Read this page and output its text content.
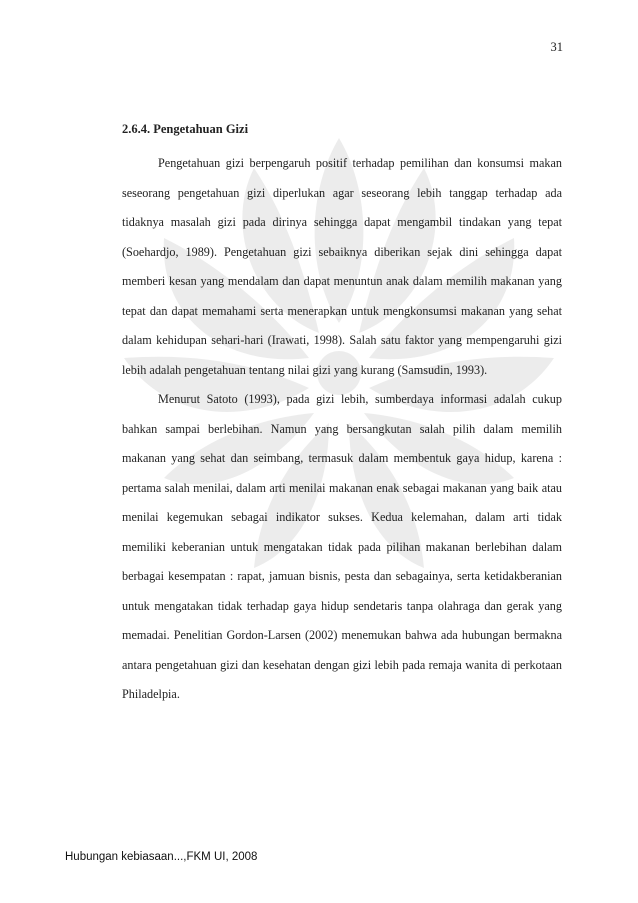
31
2.6.4. Pengetahuan Gizi

Pengetahuan gizi berpengaruh positif terhadap pemilihan dan konsumsi makan seseorang pengetahuan gizi diperlukan agar seseorang lebih tanggap terhadap ada tidaknya masalah gizi pada dirinya sehingga dapat mengambil tindakan yang tepat (Soehardjo, 1989). Pengetahuan gizi sebaiknya diberikan sejak dini sehingga dapat memberi kesan yang mendalam dan dapat menuntun anak dalam memilih makanan yang tepat dan dapat memahami serta menerapkan untuk mengkonsumsi makanan yang sehat dalam kehidupan sehari-hari (Irawati, 1998). Salah satu faktor yang mempengaruhi gizi lebih adalah pengetahuan tentang nilai gizi yang kurang (Samsudin, 1993).

Menurut Satoto (1993), pada gizi lebih, sumberdaya informasi adalah cukup bahkan sampai berlebihan. Namun yang bersangkutan salah pilih dalam memilih makanan yang sehat dan seimbang, termasuk dalam membentuk gaya hidup, karena : pertama salah menilai, dalam arti menilai makanan enak sebagai makanan yang baik atau menilai kegemukan sebagai indikator sukses. Kedua kelemahan, dalam arti tidak memiliki keberanian untuk mengatakan tidak pada pilihan makanan berlebihan dalam berbagai kesempatan : rapat, jamuan bisnis, pesta dan sebagainya, serta ketidakberanian untuk mengatakan tidak terhadap gaya hidup sendetaris tanpa olahraga dan gerak yang memadai. Penelitian Gordon-Larsen (2002) menemukan bahwa ada hubungan bermakna antara pengetahuan gizi dan kesehatan dengan gizi lebih pada remaja wanita di perkotaan Philadelpia.

Hubungan kebiasaan...,FKM UI, 2008
